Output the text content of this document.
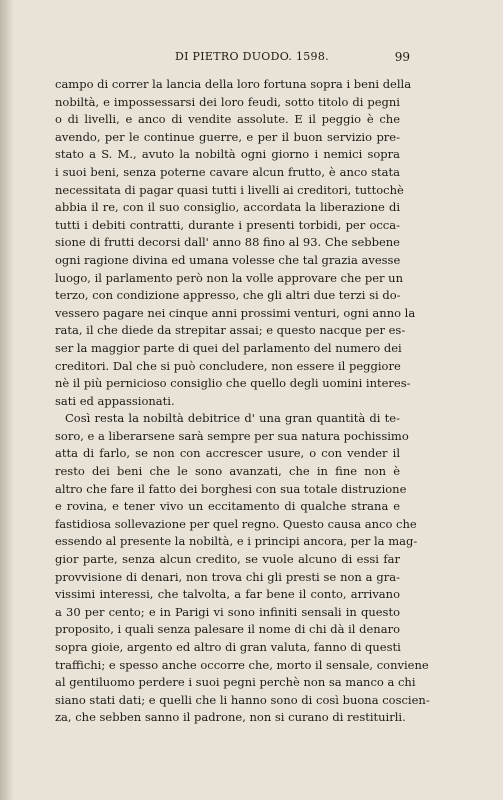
DI PIETRO DUODO. 1598.	99
campo di correr la lancia della loro fortuna sopra i beni della
nobiltà, e impossessarsi dei loro feudi, sotto titolo di pegni
o di livelli, e anco di vendite assolute. E il peggio è che
avendo, per le continue guerre, e per il buon servizio pre-
stato a S. M., avuto la nobiltà ogni giorno i nemici sopra
i suoi beni, senza poterne cavare alcun frutto, è anco stata
necessitata di pagar quasi tutti i livelli ai creditori, tuttochè
abbia il re, con il suo consiglio, accordata la liberazione di
tutti i debiti contratti, durante i presenti torbidi, per occa-
sione di frutti decorsi dall' anno 88 fino al 93. Che sebbene
ogni ragione divina ed umana volesse che tal grazia avesse
luogo, il parlamento però non la volle approvare che per un
terzo, con condizione appresso, che gli altri due terzi si do-
vessero pagare nei cinque anni prossimi venturi, ogni anno la
rata, il che diede da strepitar assai; e questo nacque per es-
ser la maggior parte di quei del parlamento del numero dei
creditori. Dal che si può concludere, non essere il peggiore
nè il più pernicioso consiglio che quello degli uomini interes-
sati ed appassionati.
Così resta la nobiltà debitrice d' una gran quantità di te-
soro, e a liberarsene sarà sempre per sua natura pochissimo
atta di farlo, se non con accrescer usure, o con vender il
resto dei beni che le sono avanzati, che in fine non è
altro che fare il fatto dei borghesi con sua totale distruzione
e rovina, e tener vivo un eccitamento di qualche strana e
fastidiosa sollevazione per quel regno. Questo causa anco che
essendo al presente la nobiltà, e i principi ancora, per la mag-
gior parte, senza alcun credito, se vuole alcuno di essi far
provvisione di denari, non trova chi gli presti se non a gra-
vissimi interessi, che talvolta, a far bene il conto, arrivano
a 30 per cento; e in Parigi vi sono infiniti sensali in questo
proposito, i quali senza palesare il nome di chi dà il denaro
sopra gioie, argento ed altro di gran valuta, fanno di questi
traffichi; e spesso anche occorre che, morto il sensale, conviene
al gentiluomo perdere i suoi pegni perchè non sa manco a chi
siano stati dati; e quelli che li hanno sono di così buona coscien-
za, che sebben sanno il padrone, non si curano di restituirli.
